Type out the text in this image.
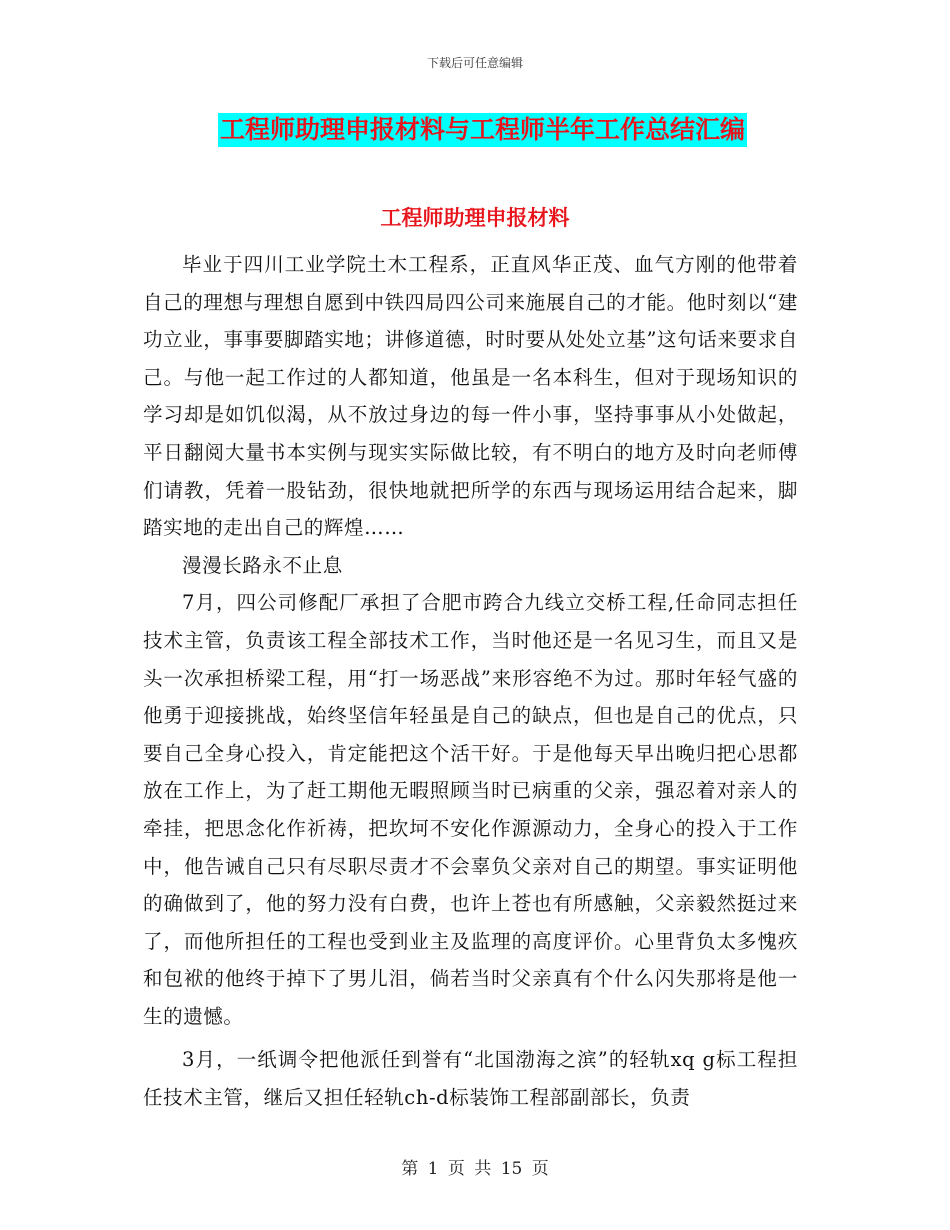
下载后可任意编辑
工程师助理申报材料与工程师半年工作总结汇编
工程师助理申报材料

毕业于四川工业学院土木工程系，正直风华正茂、血气方刚的他带着自己的理想与理想自愿到中铁四局四公司来施展自己的才能。他时刻以“建功立业，事事要脚踏实地；讲修道德，时时要从处处立基”这句话来要求自己。与他一起工作过的人都知道，他虽是一名本科生，但对于现场知识的学习却是如饥似渴，从不放过身边的每一件小事，坚持事事从小处做起，平日翻阅大量书本实例与现实实际做比较，有不明白的地方及时向老师傅们请教，凭着一股钻劲，很快地就把所学的东西与现场运用结合起来，脚踏实地的走出自己的辉煌……

漫漫长路永不止息

7月，四公司修配厂承担了合肥市跨合九线立交桥工程,任命同志担任技术主管，负责该工程全部技术工作，当时他还是一名见习生，而且又是头一次承担桥梁工程，用“打一场恶战”来形容绝不为过。那时年轻气盛的他勇于迎接挑战，始终坚信年轻虽是自己的缺点，但也是自己的优点，只要自己全身心投入，肯定能把这个活干好。于是他每天早出晚归把心思都放在工作上，为了赶工期他无暇照顾当时已病重的父亲，强忍着对亲人的牵挂，把思念化作祈祷，把坎坷不安化作源源动力，全身心的投入于工作中，他告诫自己只有尽职尽责才不会辜负父亲对自己的期望。事实证明他的确做到了，他的努力没有白费，也许上苍也有所感触，父亲毅然挺过来了，而他所担任的工程也受到业主及监理的高度评价。心里背负太多愧疚和包袱的他终于掉下了男儿泪，倘若当时父亲真有个什么闪失那将是他一生的遗憾。

3月，一纸调令把他派任到誉有“北国渤海之滨”的轻轨xq g标工程担任技术主管，继后又担任轻轨ch-d标装饰工程部副部长，负责

第 1 页 共 15 页
